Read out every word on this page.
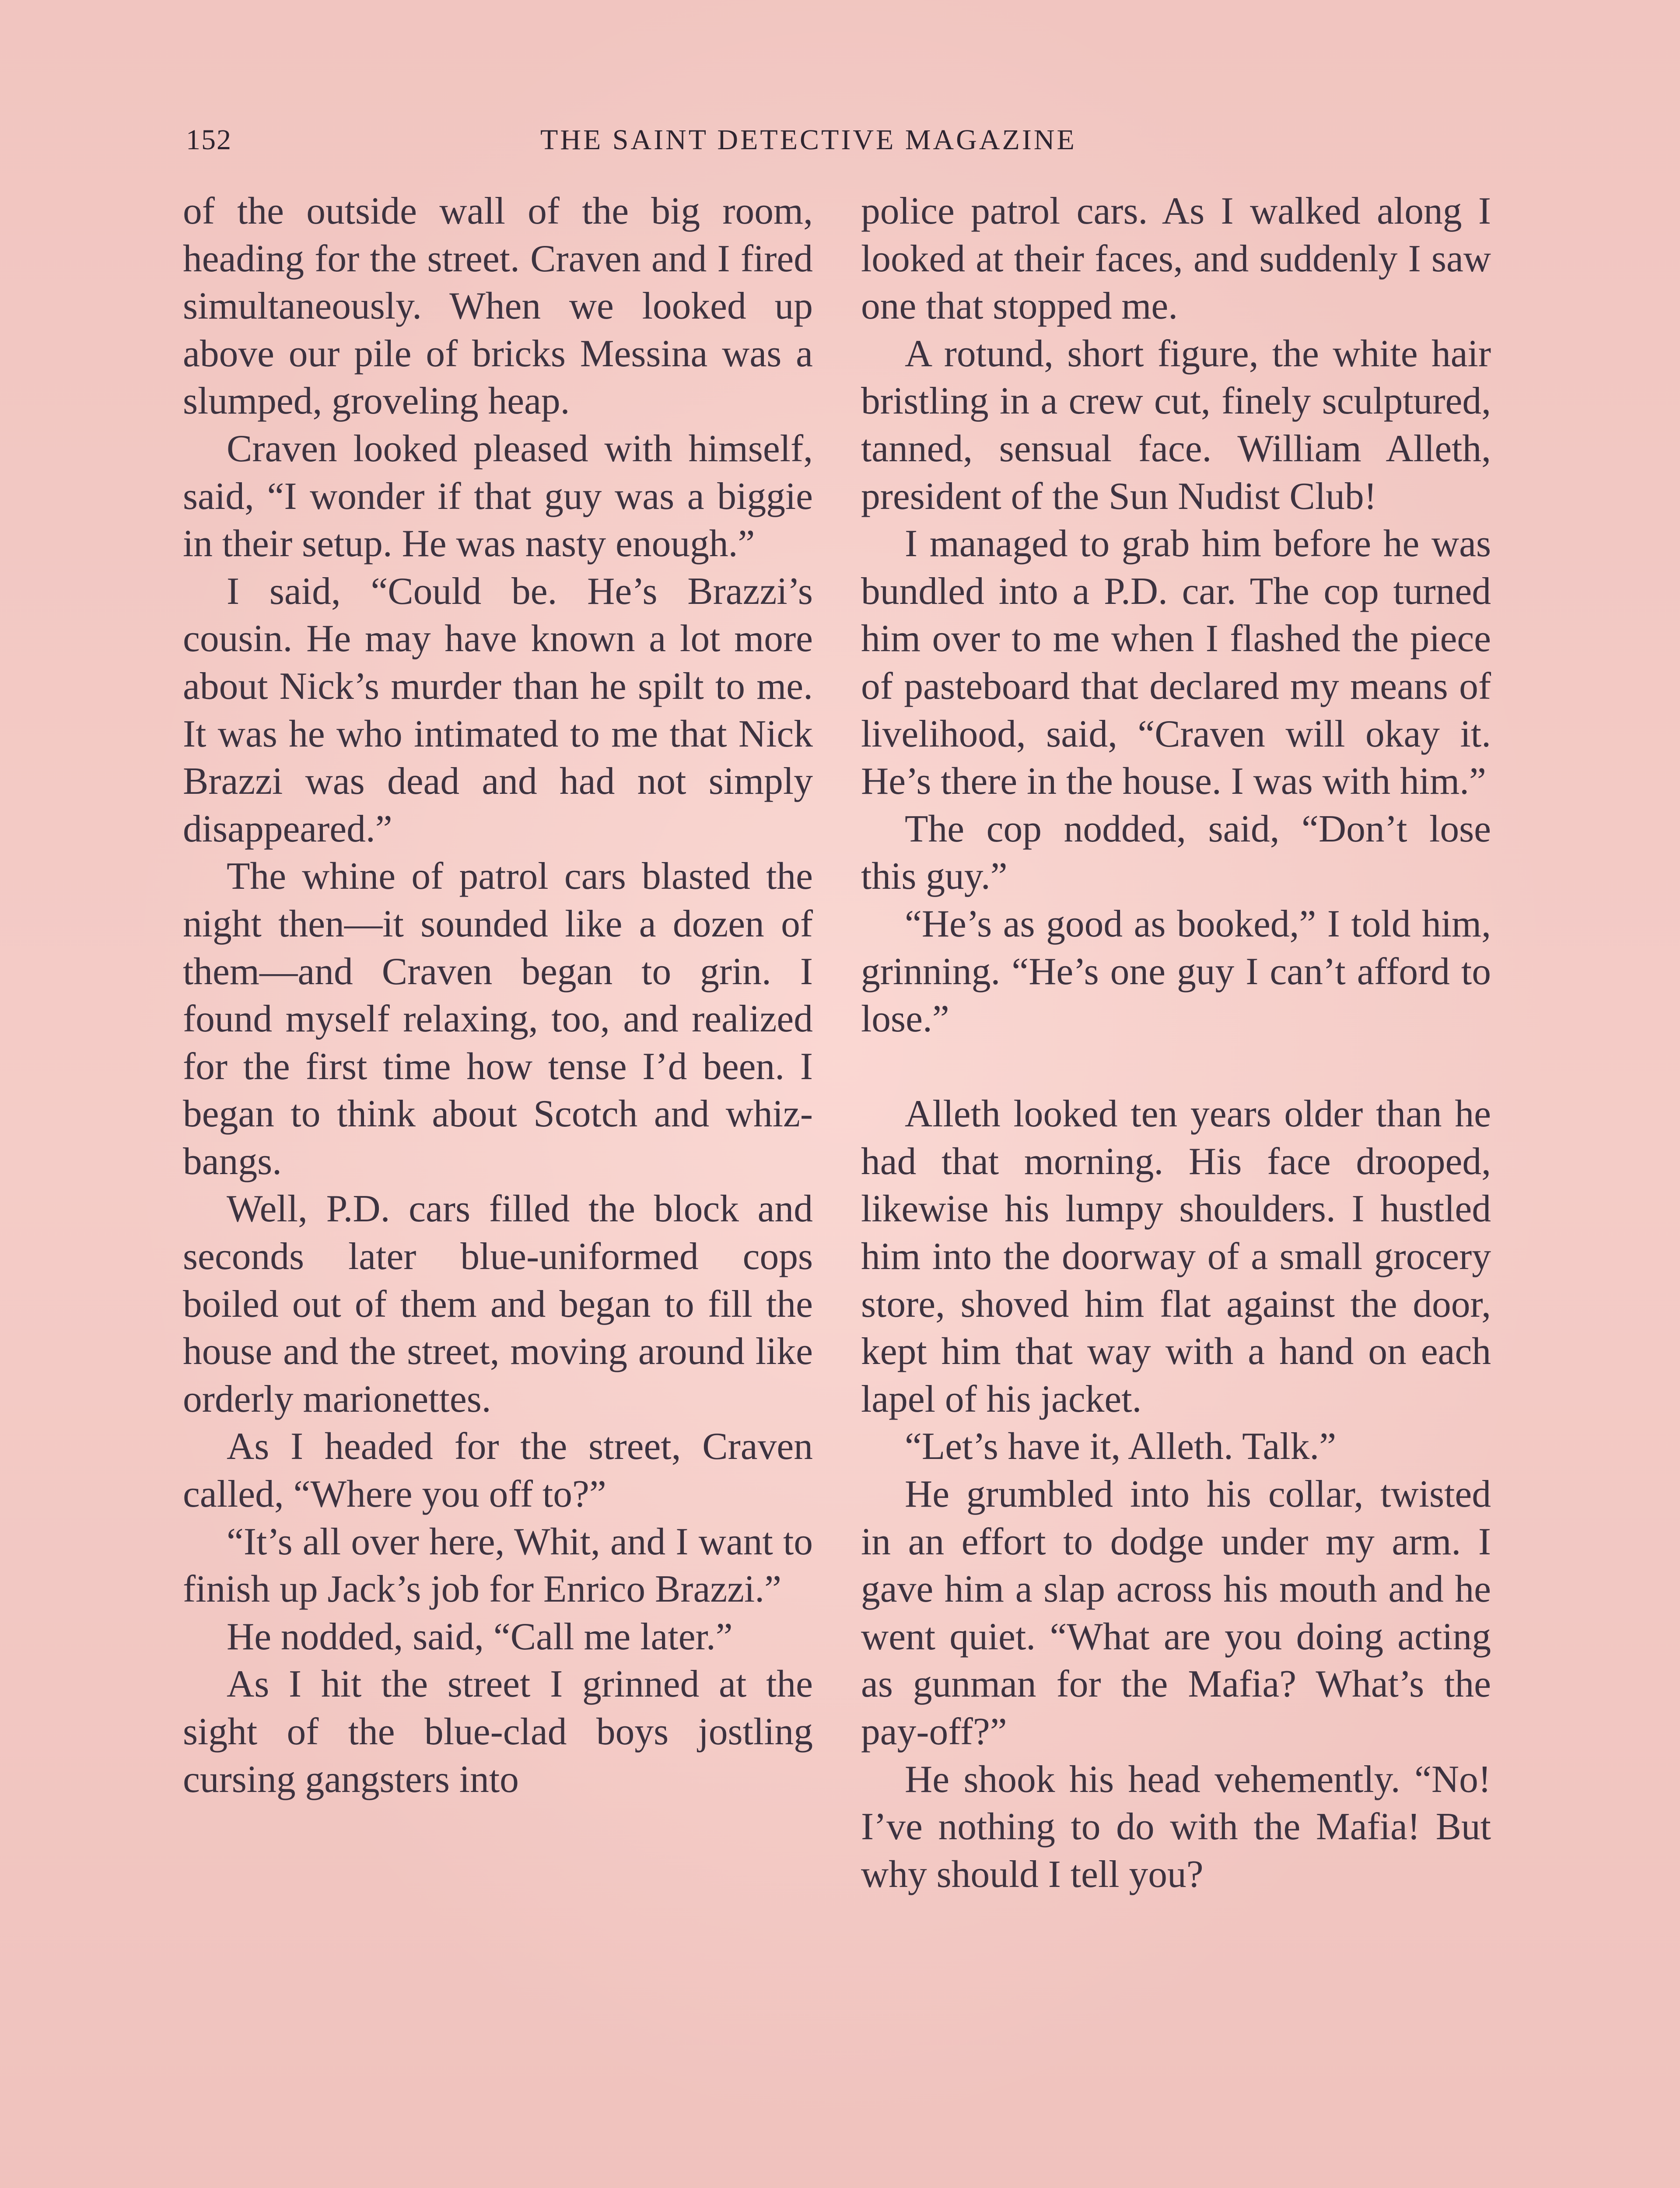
152	THE SAINT DETECTIVE MAGAZINE

of the outside wall of the big room, heading for the street. Craven and I fired simultaneously. When we looked up above our pile of bricks Messina was a slumped, groveling heap.

Craven looked pleased with himself, said, “I wonder if that guy was a biggie in their setup. He was nasty enough.”

I said, “Could be. He’s Brazzi’s cousin. He may have known a lot more about Nick’s murder than he spilt to me. It was he who intimated to me that Nick Brazzi was dead and had not simply disappeared.”

The whine of patrol cars blasted the night then—it sounded like a dozen of them—and Craven began to grin. I found myself relaxing, too, and realized for the first time how tense I’d been. I began to think about Scotch and whiz-bangs.

Well, P.D. cars filled the block and seconds later blue-uniformed cops boiled out of them and began to fill the house and the street, moving around like orderly marionettes.

As I headed for the street, Craven called, “Where you off to?”

“It’s all over here, Whit, and I want to finish up Jack’s job for Enrico Brazzi.”

He nodded, said, “Call me later.”

As I hit the street I grinned at the sight of the blue-clad boys jostling cursing gangsters into

police patrol cars. As I walked along I looked at their faces, and suddenly I saw one that stopped me.

A rotund, short figure, the white hair bristling in a crew cut, finely sculptured, tanned, sensual face. William Alleth, president of the Sun Nudist Club!

I managed to grab him before he was bundled into a P.D. car. The cop turned him over to me when I flashed the piece of pasteboard that declared my means of livelihood, said, “Craven will okay it. He’s there in the house. I was with him.”

The cop nodded, said, “Don’t lose this guy.”

“He’s as good as booked,” I told him, grinning. “He’s one guy I can’t afford to lose.”

Alleth looked ten years older than he had that morning. His face drooped, likewise his lumpy shoulders. I hustled him into the doorway of a small grocery store, shoved him flat against the door, kept him that way with a hand on each lapel of his jacket.

“Let’s have it, Alleth. Talk.”

He grumbled into his collar, twisted in an effort to dodge under my arm. I gave him a slap across his mouth and he went quiet. “What are you doing acting as gunman for the Mafia? What’s the pay-off?”

He shook his head vehemently. “No! I’ve nothing to do with the Mafia! But why should I tell you?
